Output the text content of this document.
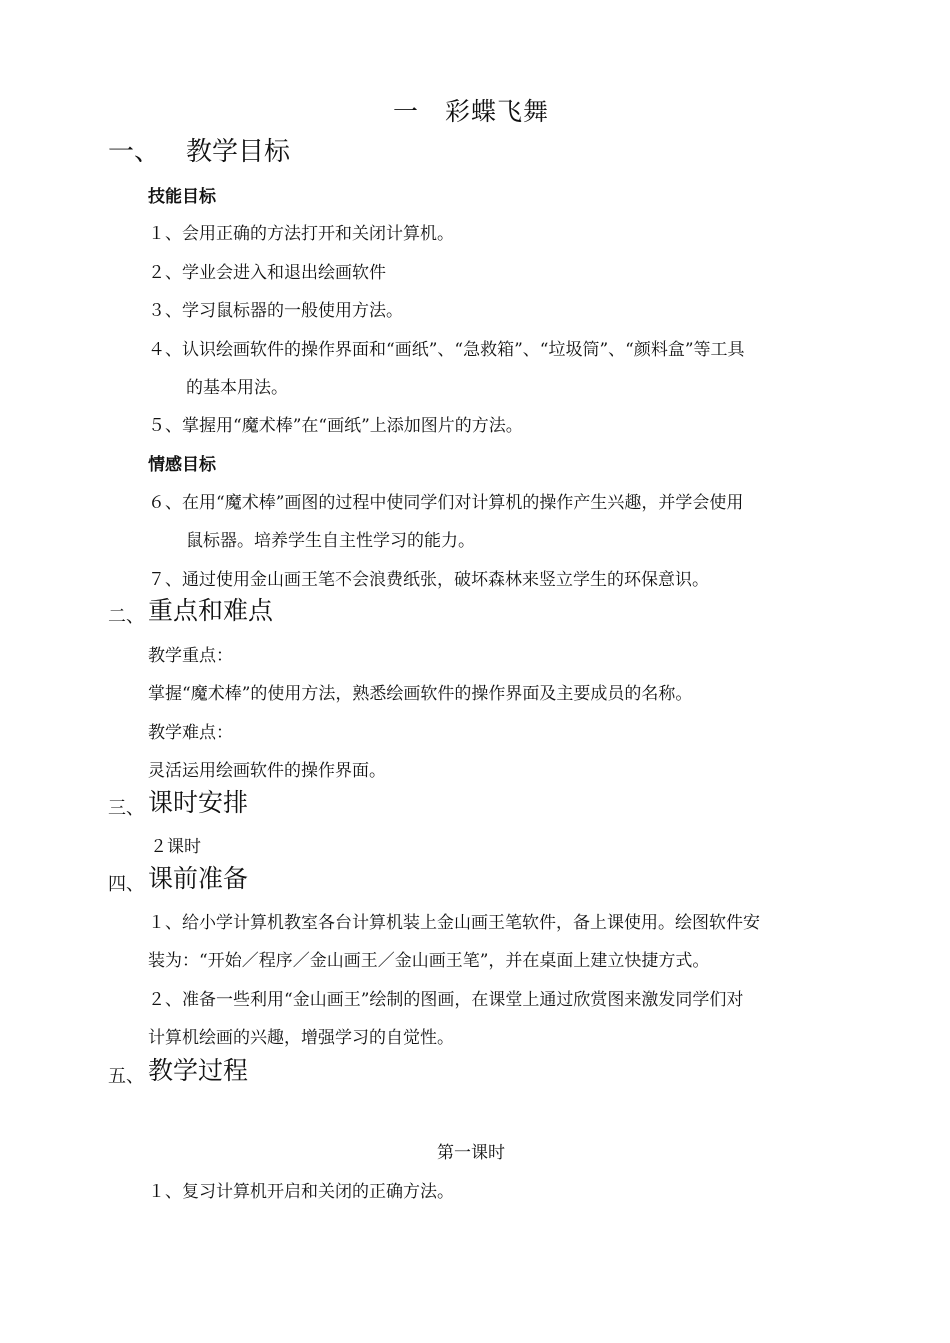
一　彩蝶飞舞
一、 教学目标
技能目标
１、会用正确的方法打开和关闭计算机。
２、学业会进入和退出绘画软件
３、学习鼠标器的一般使用方法。
４、认识绘画软件的操作界面和“画纸”、“急救箱”、“垃圾筒”、“颜料盒”等工具
的基本用法。
５、掌握用“魔术棒”在“画纸”上添加图片的方法。
情感目标
６、在用“魔术棒”画图的过程中使同学们对计算机的操作产生兴趣，并学会使用
鼠标器。培养学生自主性学习的能力。
７、通过使用金山画王笔不会浪费纸张，破坏森林来竖立学生的环保意识。
二、 重点和难点
教学重点：
掌握“魔术棒”的使用方法，熟悉绘画软件的操作界面及主要成员的名称。
教学难点：
灵活运用绘画软件的操作界面。
三、 课时安排
２课时
四、 课前准备
１、给小学计算机教室各台计算机装上金山画王笔软件，备上课使用。绘图软件安
装为：“开始／程序／金山画王／金山画王笔”，并在桌面上建立快捷方式。
２、准备一些利用“金山画王”绘制的图画，在课堂上通过欣赏图来激发同学们对
计算机绘画的兴趣，增强学习的自觉性。
五、 教学过程
第一课时
１、复习计算机开启和关闭的正确方法。
